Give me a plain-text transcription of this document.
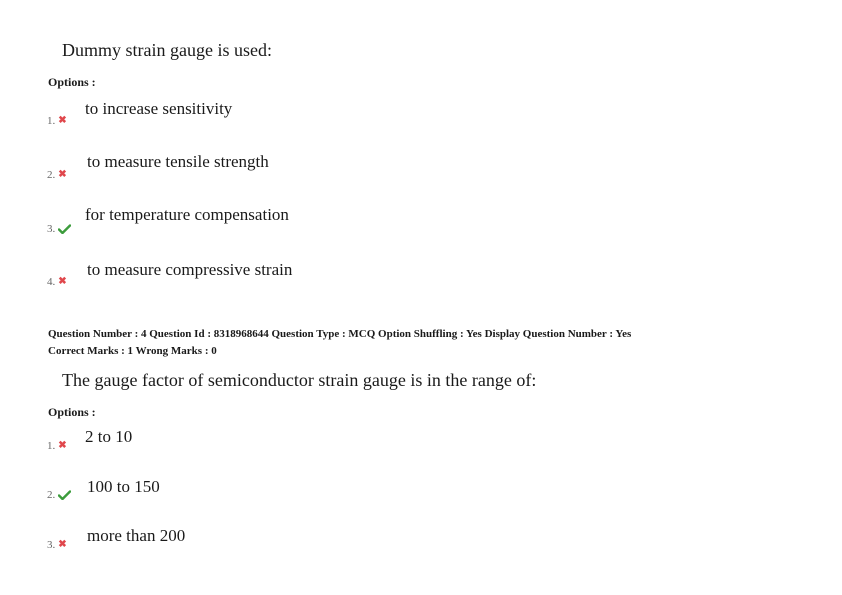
Dummy strain gauge is used:
Options :
to increase sensitivity
1. ✖
to measure tensile strength
2. ✖
for temperature compensation
3.
to measure compressive strain
4. ✖
Question Number : 4 Question Id : 8318968644 Question Type : MCQ Option Shuffling : Yes Display Question Number : Yes
Correct Marks : 1 Wrong Marks : 0
The gauge factor of semiconductor strain gauge is in the range of:
Options :
2 to 10
1. ✖
100 to 150
2.
more than 200
3. ✖
